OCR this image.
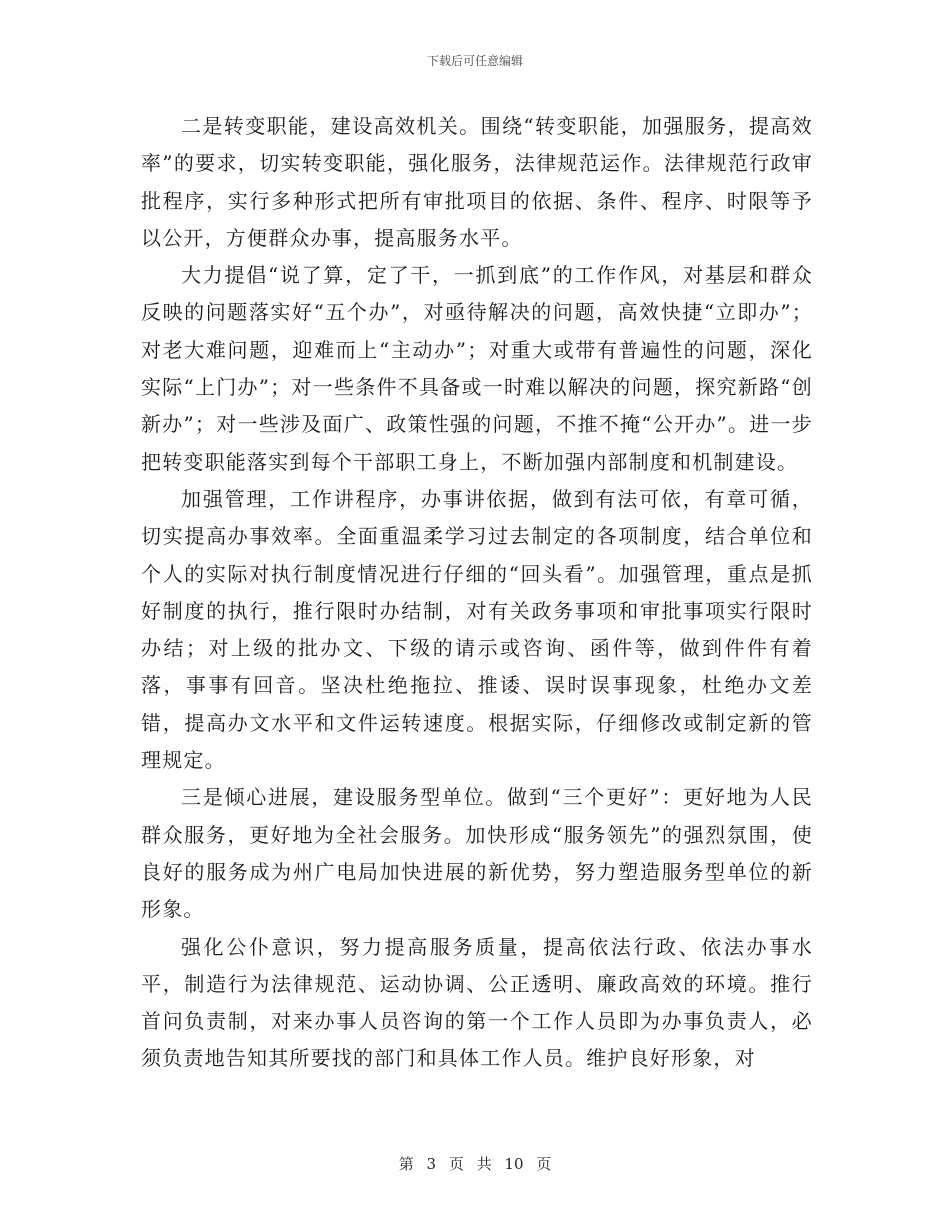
下载后可任意编辑

二是转变职能，建设高效机关。围绕“转变职能，加强服务，提高效率”的要求，切实转变职能，强化服务，法律规范运作。法律规范行政审批程序，实行多种形式把所有审批项目的依据、条件、程序、时限等予以公开，方便群众办事，提高服务水平。

大力提倡“说了算，定了干，一抓到底”的工作作风，对基层和群众反映的问题落实好“五个办”，对亟待解决的问题，高效快捷“立即办”；对老大难问题，迎难而上“主动办”；对重大或带有普遍性的问题，深化实际“上门办”；对一些条件不具备或一时难以解决的问题，探究新路“创新办”；对一些涉及面广、政策性强的问题，不推不掩“公开办”。进一步把转变职能落实到每个干部职工身上，不断加强内部制度和机制建设。

加强管理，工作讲程序，办事讲依据，做到有法可依，有章可循，切实提高办事效率。全面重温柔学习过去制定的各项制度，结合单位和个人的实际对执行制度情况进行仔细的“回头看”。加强管理，重点是抓好制度的执行，推行限时办结制，对有关政务事项和审批事项实行限时办结；对上级的批办文、下级的请示或咨询、函件等，做到件件有着落，事事有回音。坚决杜绝拖拉、推诿、误时误事现象，杜绝办文差错，提高办文水平和文件运转速度。根据实际，仔细修改或制定新的管理规定。

三是倾心进展，建设服务型单位。做到“三个更好”：更好地为人民群众服务，更好地为全社会服务。加快形成“服务领先”的强烈氛围，使良好的服务成为州广电局加快进展的新优势，努力塑造服务型单位的新形象。

强化公仆意识，努力提高服务质量，提高依法行政、依法办事水平，制造行为法律规范、运动协调、公正透明、廉政高效的环境。推行首问负责制，对来办事人员咨询的第一个工作人员即为办事负责人，必须负责地告知其所要找的部门和具体工作人员。维护良好形象，对

第 3 页 共 10 页
